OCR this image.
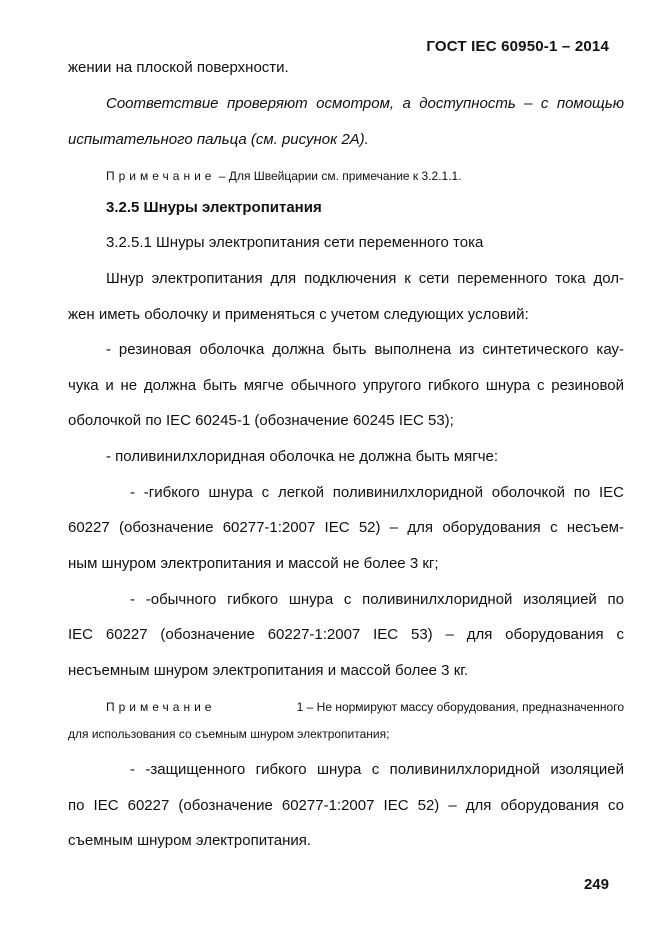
ГОСТ IEC 60950-1 – 2014
жении на плоской поверхности.
Соответствие проверяют осмотром, а доступность – с помощью
испытательного пальца (см. рисунок 2А).
Примечание – Для Швейцарии см. примечание к 3.2.1.1.
3.2.5 Шнуры электропитания
3.2.5.1 Шнуры электропитания сети переменного тока
Шнур электропитания для подключения к сети переменного тока дол-
жен иметь оболочку и применяться с учетом следующих условий:
- резиновая оболочка должна быть выполнена из синтетического кау-
чука и не должна быть мягче обычного упругого гибкого шнура с резиновой
оболочкой по IEC 60245-1 (обозначение 60245 IEC 53);
- поливинилхлоридная оболочка не должна быть мягче:
- -гибкого шнура с легкой поливинилхлоридной оболочкой по IEC
60227 (обозначение 60277-1:2007 IEC 52) – для оборудования с несъем-
ным шнуром электропитания и массой не более 3 кг;
- -обычного гибкого шнура с поливинилхлоридной изоляцией по
IEC 60227 (обозначение 60227-1:2007 IEC 53) – для оборудования с
несъемным шнуром электропитания и массой более 3 кг.
Примечание	1 – Не нормируют массу оборудования, предназначенного
для использования со съемным шнуром электропитания;
- -защищенного гибкого шнура с поливинилхлоридной изоляцией
по IEC 60227 (обозначение 60277-1:2007 IEC 52) – для оборудования со
съемным шнуром электропитания.
249
